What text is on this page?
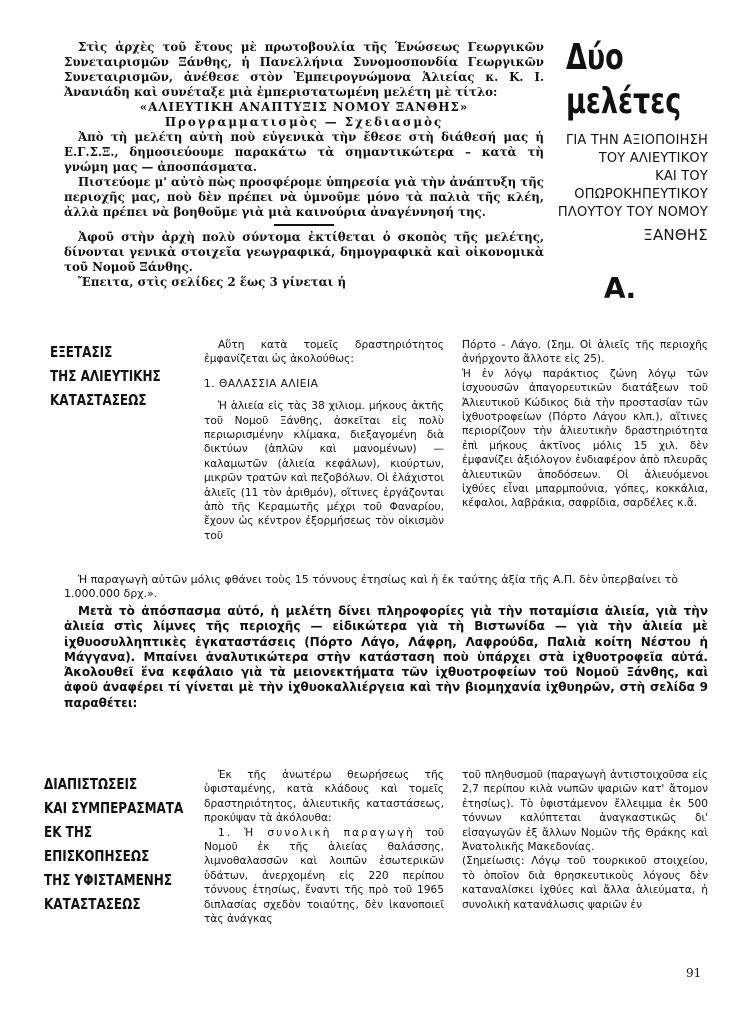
Στὶς ἀρχὲς τοῦ ἔτους μὲ πρωτοβουλία τῆς Ἑνώσεως Γεωργικῶν Συνεταιρισμῶν Ξάνθης, ἡ Πανελλήνια Συνομοσπονδία Γεωργικῶν Συνεταιρισμῶν, ἀνέθεσε στὸν Ἐμπειρογνώμονα Ἁλιείας κ. Κ. Ι. Ἀνανιάδη καὶ συνέταξε μιὰ ἐμπεριστατωμένη μελέτη μὲ τίτλο:

«ΑΛΙΕΥΤΙΚΗ ΑΝΑΠΤΥΞΙΣ ΝΟΜΟΥ ΞΑΝΘΗΣ»

Προγραμματισμὸς — Σχεδιασμὸς

Ἀπὸ τὴ μελέτη αὐτὴ ποὺ εὐγενικὰ τὴν ἔθεσε στὴ διάθεσή μας ἡ Ε.Γ.Σ.Ξ., δημοσιεύουμε παρακάτω τὰ σημαντικώτερα – κατὰ τὴ γνώμη μας — ἀποσπάσματα.

Πιστεύομε μ' αὐτὸ πὼς προσφέρομε ὑπηρεσία γιὰ τὴν ἀνάπτυξη τῆς περιοχῆς μας, ποὺ δὲν πρέπει νὰ ὑμνοῦμε μόνο τὰ παλιὰ τῆς κλέη, ἀλλὰ πρέπει νὰ βοηθοῦμε γιὰ μιὰ καινούρια ἀναγέννησή της.

Ἀφοῦ στὴν ἀρχὴ πολὺ σύντομα ἐκτίθεται ὁ σκοπὸς τῆς μελέτης, δίνονται γενικὰ στοιχεῖα γεωγραφικά, δημογραφικὰ καὶ οἰκονομικὰ τοῦ Νομοῦ Ξάνθης.

Ἔπειτα, στὶς σελίδες 2 ἕως 3 γίνεται ἡ

Δύο
μελέτες
ΓΙΑ ΤΗΝ ΑΞΙΟΠΟΙΗΣΗ
ΤΟΥ ΑΛΙΕΥΤΙΚΟΥ
ΚΑΙ ΤΟΥ
ΟΠΩΡΟΚΗΠΕΥΤΙΚΟΥ
ΠΛΟΥΤΟΥ ΤΟΥ ΝΟΜΟΥ
ΞΑΝΘΗΣ
Α.
ΕΞΕΤΑΣΙΣ
ΤΗΣ ΑΛΙΕΥΤΙΚΗΣ
ΚΑΤΑΣΤΑΣΕΩΣ

Αὕτη κατὰ τομεῖς δραστηριότητος ἐμφανίζεται ὡς ἀκολούθως:

1. ΘΑΛΑΣΣΙΑ ΑΛΙΕΙΑ

Ἡ ἁλιεία εἰς τὰς 38 χιλιομ. μήκους ἀκτῆς τοῦ Νομοῦ Ξάνθης, ἀσκεῖται εἰς πολὺ περιωρισμένην κλίμακα, διεξαγομένη διὰ δικτύων (ἁπλῶν καὶ μανομένων) — καλαμωτῶν (ἁλιεία κεφάλων), κιούρτων, μικρῶν τρατῶν καὶ πεζοβόλων. Οἱ ἐλάχιστοι ἁλιεῖς (11 τὸν ἀριθμόν), οἵτινες ἐργάζονται ἀπὸ τῆς Κεραμωτῆς μέχρι τοῦ Φαναρίου, ἔχουν ὡς κέντρον ἐξορμήσεως τὸν οἰκισμὸν τοῦ

Πόρτο - Λάγο. (Σημ. Οἱ ἁλιεῖς τῆς περιοχῆς ἀνήρχοντο ἄλλοτε εἰς 25).

Ἡ ἐν λόγῳ παράκτιος ζώνη λόγῳ τῶν ἰσχυουσῶν ἀπαγορευτικῶν διατάξεων τοῦ Ἁλιευτικοῦ Κώδικος διὰ τὴν προστασίαν τῶν ἰχθυοτροφείων (Πόρτο Λάγου κλπ.), αἵτινες περιορίζουν τὴν ἁλιευτικὴν δραστηριότητα ἐπὶ μήκους ἀκτῖνος μόλις 15 χιλ. δὲν ἐμφανίζει ἀξιόλογον ἐνδιαφέρον ἀπὸ πλευρᾶς ἁλιευτικῶν ἀποδόσεων. Οἱ ἁλιευόμενοι ἰχθύες εἶναι μπαρμπούνια, γόπες, κοκκάλια, κέφαλοι, λαβράκια, σαφρίδια, σαρδέλες κ.ἄ.

Ἡ παραγωγὴ αὐτῶν μόλις φθάνει τοὺς 15 τόννους ἐτησίως καὶ ἡ ἐκ ταύτης ἀξία τῆς Α.Π. δὲν ὑπερβαίνει τὸ 1.000.000 δρχ.».

Μετὰ τὸ ἀπόσπασμα αὐτό, ἡ μελέτη δίνει πληροφορίες γιὰ τὴν ποταμίσια ἁλιεία, γιὰ τὴν ἁλιεία στὶς λίμνες τῆς περιοχῆς — εἰδικώτερα γιὰ τὴ Βιστωνίδα — γιὰ τὴν ἁλιεία μὲ ἰχθυοσυλληπτικὲς ἐγκαταστάσεις (Πόρτο Λάγο, Λάφρη, Λαφρούδα, Παλιὰ κοίτη Νέστου ἡ Μάγγανα). Μπαίνει ἀναλυτικώτερα στὴν κατάσταση ποὺ ὑπάρχει στὰ ἰχθυοτροφεῖα αὐτά. Ἀκολουθεῖ ἕνα κεφάλαιο γιὰ τὰ μειονεκτήματα τῶν ἰχθυοτροφείων τοῦ Νομοῦ Ξάνθης, καὶ ἀφοῦ ἀναφέρει τί γίνεται μὲ τὴν ἰχθυοκαλλιέργεια καὶ τὴν βιομηχανία ἰχθυηρῶν, στὴ σελίδα 9 παραθέτει:

ΔΙΑΠΙΣΤΩΣΕΙΣ
ΚΑΙ ΣΥΜΠΕΡΑΣΜΑΤΑ
ΕΚ ΤΗΣ
ΕΠΙΣΚΟΠΗΣΕΩΣ
ΤΗΣ ΥΦΙΣΤΑΜΕΝΗΣ
ΚΑΤΑΣΤΑΣΕΩΣ

Ἐκ τῆς ἀνωτέρω θεωρήσεως τῆς ὑφισταμένης, κατὰ κλάδους καὶ τομεῖς δραστηριότητος, ἁλιευτικῆς καταστάσεως, προκύψαν τὰ ἀκόλουθα:

1. Ἡ συνολικὴ παραγωγὴ τοῦ Νομοῦ ἐκ τῆς ἁλιείας θαλάσσης, λιμνοθαλασσῶν καὶ λοιπῶν ἐσωτερικῶν ὑδάτων, ἀνερχομένη εἰς 220 περίπου τόννους ἐτησίως, ἔναντι τῆς πρὸ τοῦ 1965 διπλασίας σχεδὸν τοιαύτης, δὲν ἱκανοποιεῖ τὰς ἀνάγκας

τοῦ πληθυσμοῦ (παραγωγὴ ἀντιστοιχοῦσα εἰς 2,7 περίπου κιλὰ νωπῶν ψαριῶν κατ' ἄτομον ἐτησίως). Τὸ ὑφιστάμενον ἔλλειμμα ἐκ 500 τόννων καλύπτεται ἀναγκαστικῶς δι' εἰσαγωγῶν ἐξ ἄλλων Νομῶν τῆς Θράκης καὶ Ἀνατολικῆς Μακεδονίας.

(Σημείωσις: Λόγῳ τοῦ τουρκικοῦ στοιχείου, τὸ ὁποῖον διὰ θρησκευτικοὺς λόγους δὲν καταναλίσκει ἰχθύες καὶ ἄλλα ἁλιεύματα, ἡ συνολικὴ κατανάλωσις ψαριῶν ἐν

91
